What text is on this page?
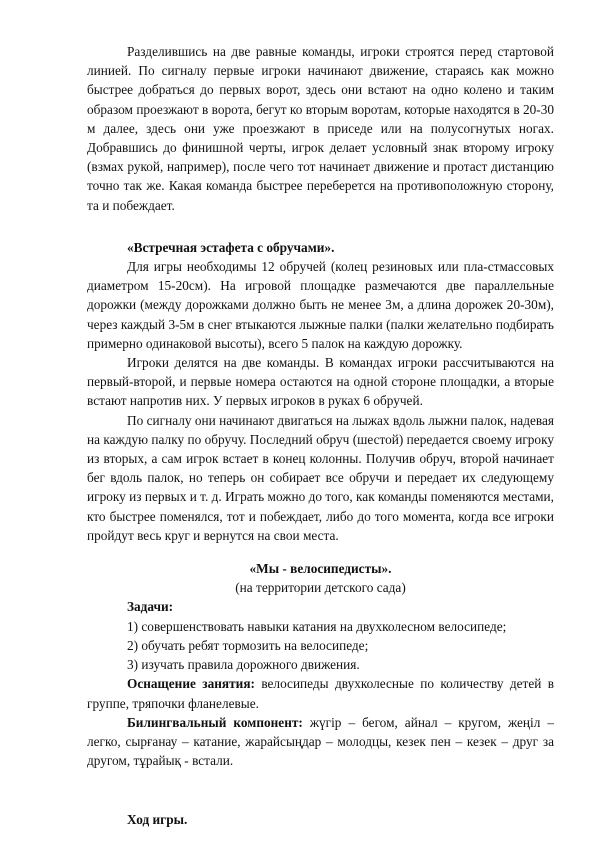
Разделившись на две равные команды, игроки строятся перед стартовой линией. По сигналу первые игроки начинают движение, стараясь как можно быстрее добраться до первых ворот, здесь они встают на одно колено и таким образом проезжают в ворота, бегут ко вторым воротам, которые находятся в 20-30 м далее, здесь они уже проезжают в приседе или на полусогнутых ногах. Добравшись до финишной черты, игрок делает условный знак второму игроку (взмах рукой, например), после чего тот начинает движение и протаст дистанцию точно так же. Какая команда быстрее переберется на противоположную сторону, та и побеждает.

«Встречная эстафета с обручами».

Для игры необходимы 12 обручей (колец резиновых или пла-стмассовых диаметром 15-20см). На игровой площадке размечаются две параллельные дорожки (между дорожками должно быть не менее 3м, а длина дорожек 20-30м), через каждый 3-5м в снег втыкаются лыжные палки (палки желательно подбирать примерно одинаковой высоты), всего 5 палок на каждую дорожку.

Игроки делятся на две команды. В командах игроки рассчитываются на первый-второй, и первые номера остаются на одной стороне площадки, а вторые встают напротив них. У первых игроков в руках 6 обручей.

По сигналу они начинают двигаться на лыжах вдоль лыжни палок, надевая на каждую палку по обручу. Последний обруч (шестой) передается своему игроку из вторых, а сам игрок встает в конец колонны. Получив обруч, второй начинает бег вдоль палок, но теперь он собирает все обручи и передает их следующему игроку из первых и т. д. Играть можно до того, как команды поменяются местами, кто быстрее поменялся, тот и побеждает, либо до того момента, когда все игроки пройдут весь круг и вернутся на свои места.

«Мы - велосипедисты».

(на территории детского сада)

Задачи:

1) совершенствовать навыки катания на двухколесном велосипеде;

2) обучать ребят тормозить на велосипеде;

3) изучать правила дорожного движения.

Оснащение занятия: велосипеды двухколесные по количеству детей в группе, тряпочки фланелевые.

Билингвальный компонент: жүгір – бегом, айнал – кругом, жеңіл – легко, сырғанау – катание, жарайсыңдар – молодцы, кезек пен – кезек – друг за другом, тұрайық - встали.

Ход игры.
